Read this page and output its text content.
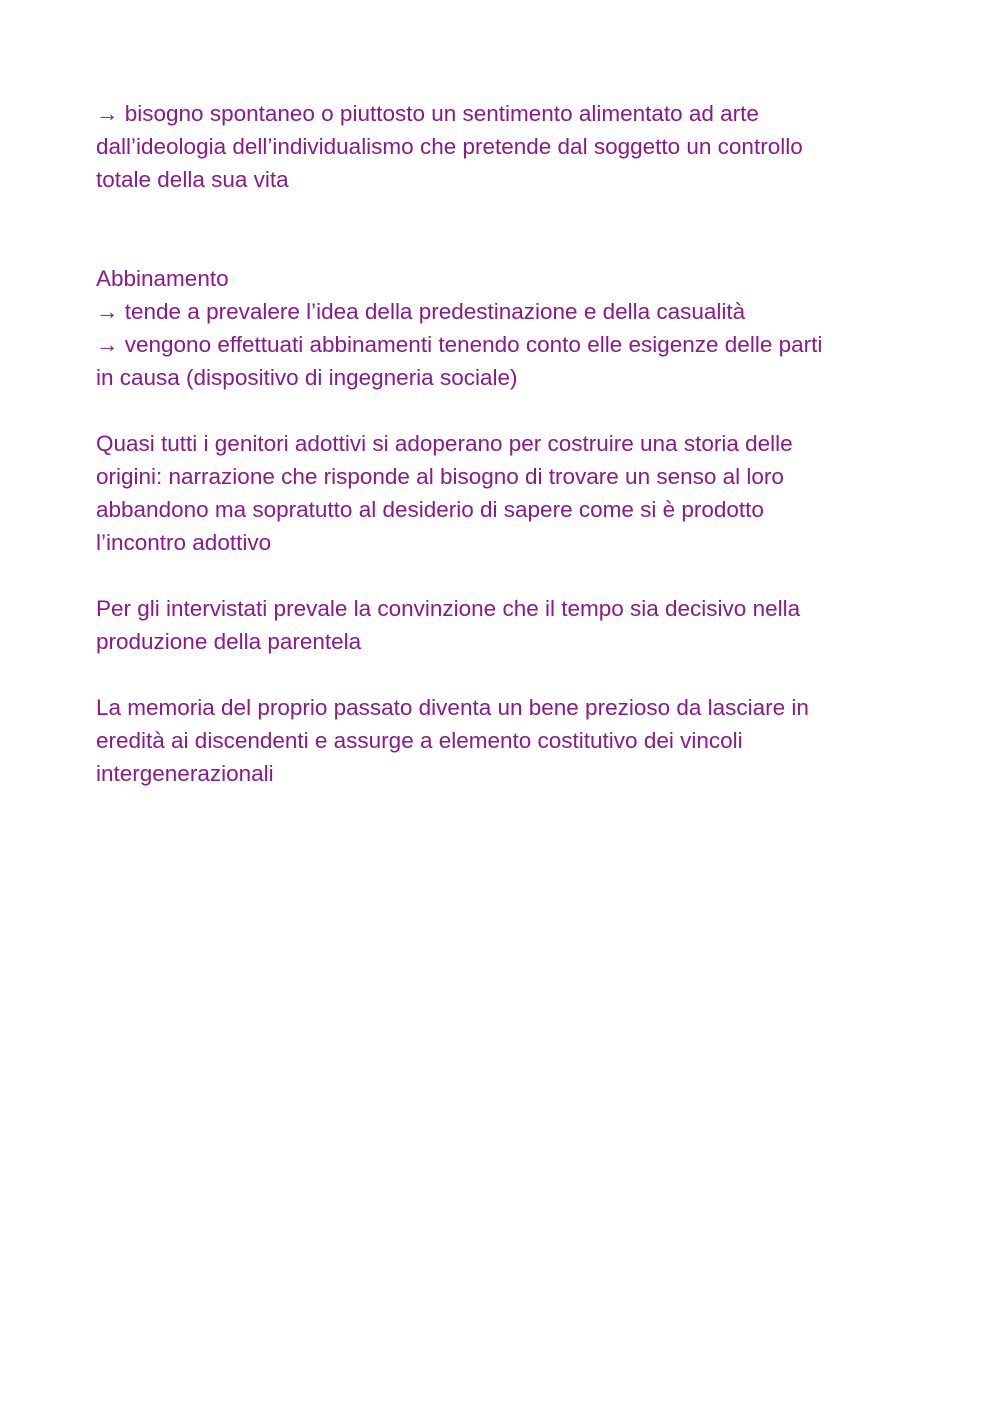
→ bisogno spontaneo o piuttosto un sentimento alimentato ad arte
dall’ideologia dell’individualismo che pretende dal soggetto un controllo
totale della sua vita

Abbinamento
→ tende a prevalere l’idea della predestinazione e della casualità
→ vengono effettuati abbinamenti tenendo conto elle esigenze delle parti
in causa (dispositivo di ingegneria sociale)

Quasi tutti i genitori adottivi si adoperano per costruire una storia delle
origini: narrazione che risponde al bisogno di trovare un senso al loro
abbandono ma sopratutto al desiderio di sapere come si è prodotto
l’incontro adottivo

Per gli intervistati prevale la convinzione che il tempo sia decisivo nella
produzione della parentela

La memoria del proprio passato diventa un bene prezioso da lasciare in
eredità ai discendenti e assurge a elemento costitutivo dei vincoli
intergenerazionali
